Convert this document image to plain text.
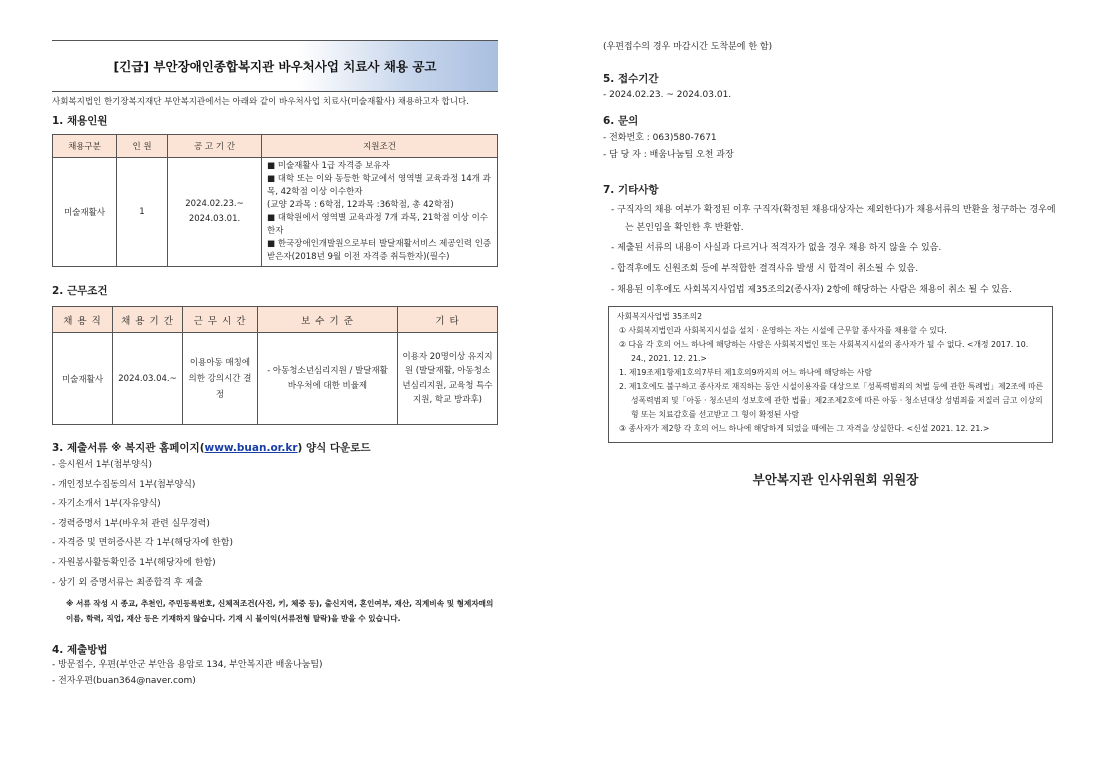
[긴급] 부안장애인종합복지관 바우처사업 치료사 채용 공고
사회복지법인 한기장복지재단 부안복지관에서는 아래와 같이 바우처사업 치료사(미술재활사) 채용하고자 합니다.
1. 채용인원
채용구분	인 원	공 고 기 간	지원조건
미술재활사	1	2024.02.23.~ 2024.03.01.	■ 미술재활사 1급 자격증 보유자
■ 대학 또는 이와 동등한 학교에서 영역별 교육과정 14개 과목, 42학점 이상 이수한자
(교양 2과목 : 6학점, 12과목 :36학점, 총 42학점)
■ 대학원에서 영역별 교육과정 7개 과목, 21학점 이상 이수한자
■ 한국장애인개발원으로부터 발달재활서비스 제공인력 인증 받은자(2018년 9월 이전 자격증 취득한자)(필수)
2. 근무조건
채 용 직	채 용 기 간	근 무 시 간	보 수 기 준	기 타
미술재활사	2024.03.04.~	이용아동 매칭에 의한 강의시간 결정	- 아동청소년심리지원 / 발달재활 바우처에 대한 비율제	이용자 20명이상 유지지원 (발달재활, 아동청소년심리지원, 교육청 특수지원, 학교 방과후)
3. 제출서류 ※ 복지관 홈페이지(www.buan.or.kr) 양식 다운로드
- 응시원서 1부(첨부양식)
- 개인정보수집동의서 1부(첨부양식)
- 자기소개서 1부(자유양식)
- 경력증명서 1부(바우처 관련 실무경력)
- 자격증 및 면허증사본 각 1부(해당자에 한함)
- 자원봉사활동확인증 1부(해당자에 한함)
- 상기 외 증명서류는 최종합격 후 제출
※ 서류 작성 시 종교, 추천인, 주민등록번호, 신체적조건(사진, 키, 체중 등), 출신지역, 혼인여부, 재산, 직계비속 및 형제자매의 이름, 학력, 직업, 재산 등은 기재하지 않습니다. 기재 시 불이익(서류전형 탈락)을 받을 수 있습니다.
4. 제출방법
- 방문접수, 우편(부안군 부안읍 용암로 134, 부안복지관 배움나눔팀)
- 전자우편(buan364@naver.com)
(우편접수의 경우 마감시간 도착분에 한 함)
5. 접수기간
- 2024.02.23. ~ 2024.03.01.
6. 문의
- 전화번호 : 063)580-7671
- 담 당 자 : 배움나눔팀 오천 과장
7. 기타사항
- 구직자의 채용 여부가 확정된 이후 구직자(확정된 채용대상자는 제외한다)가 채용서류의 반환을 청구하는 경우에는 본인임을 확인한 후 반환함.
- 제출된 서류의 내용이 사실과 다르거나 적격자가 없을 경우 채용 하지 않을 수 있음.
- 합격후에도 신원조회 등에 부적합한 결격사유 발생 시 합격이 취소될 수 있음.
- 채용된 이후에도 사회복지사업법 제35조의2(종사자) 2항에 해당하는 사람은 채용이 취소 될 수 있음.
사회복지사업법 35조의2
① 사회복지법인과 사회복지시설을 설치 · 운영하는 자는 시설에 근무할 종사자를 채용할 수 있다.
② 다음 각 호의 어느 하나에 해당하는 사람은 사회복지법인 또는 사회복지시설의 종사자가 될 수 없다. <개정 2017. 10. 24., 2021. 12. 21.>
1. 제19조제1항제1호의7부터 제1호의9까지의 어느 하나에 해당하는 사람
2. 제1호에도 불구하고 종사자로 재직하는 동안 시설이용자를 대상으로「성폭력범죄의 처벌 등에 관한 특례법」제2조에 따른 성폭력범죄 및「아동 · 청소년의 성보호에 관한 법률」제2조제2호에 따른 아동 · 청소년대상 성범죄를 저질러 금고 이상의 형 또는 치료감호를 선고받고 그 형이 확정된 사람
③ 종사자가 제2항 각 호의 어느 하나에 해당하게 되었을 때에는 그 자격을 상실한다. <신설 2021. 12. 21.>
부안복지관 인사위원회 위원장
